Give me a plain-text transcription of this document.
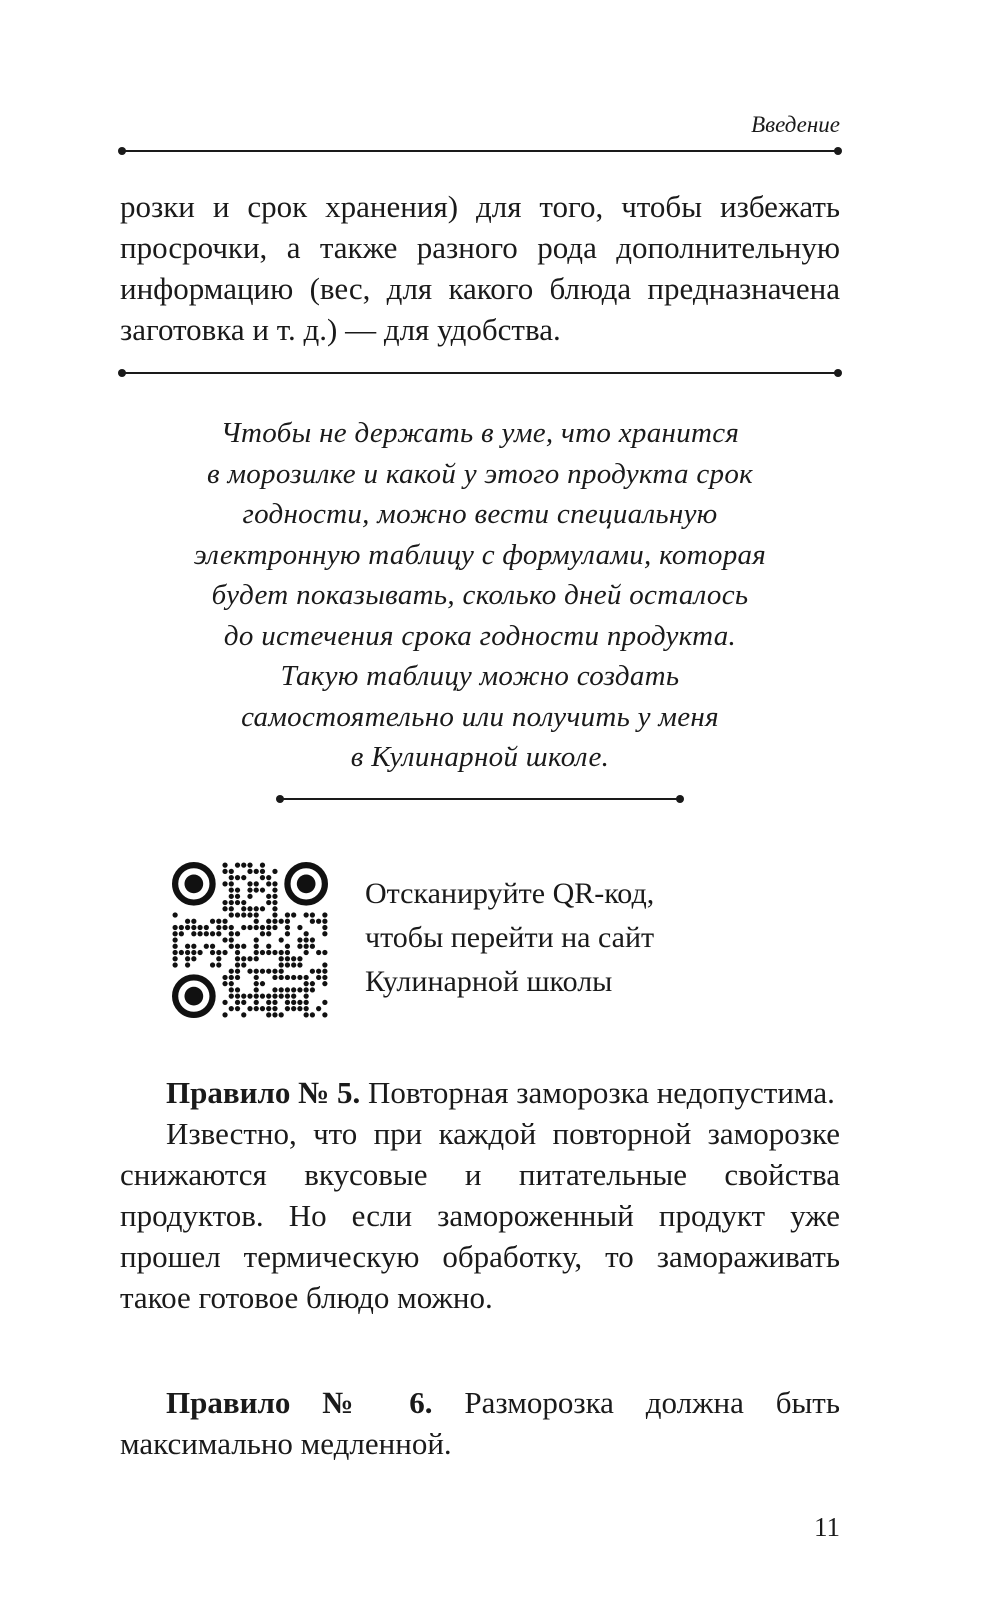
Введение

розки и срок хранения) для того, чтобы избежать просрочки, а также разного рода дополнительную информацию (вес, для какого блюда предназначена заготовка и т. д.) — для удобства.

Чтобы не держать в уме, что хранится
в морозилке и какой у этого продукта срок
годности, можно вести специальную
электронную таблицу с формулами, которая
будет показывать, сколько дней осталось
до истечения срока годности продукта.
Такую таблицу можно создать
самостоятельно или получить у меня
в Кулинарной школе.
Отсканируйте QR-код,
чтобы перейти на сайт
Кулинарной школы

Правило № 5. Повторная заморозка недопустима.

Известно, что при каждой повторной заморозке снижаются вкусовые и питательные свойства продуктов. Но если замороженный продукт уже прошел термическую обработку, то замораживать такое готовое блюдо можно.

Правило № 6. Разморозка должна быть максимально медленной.

11
